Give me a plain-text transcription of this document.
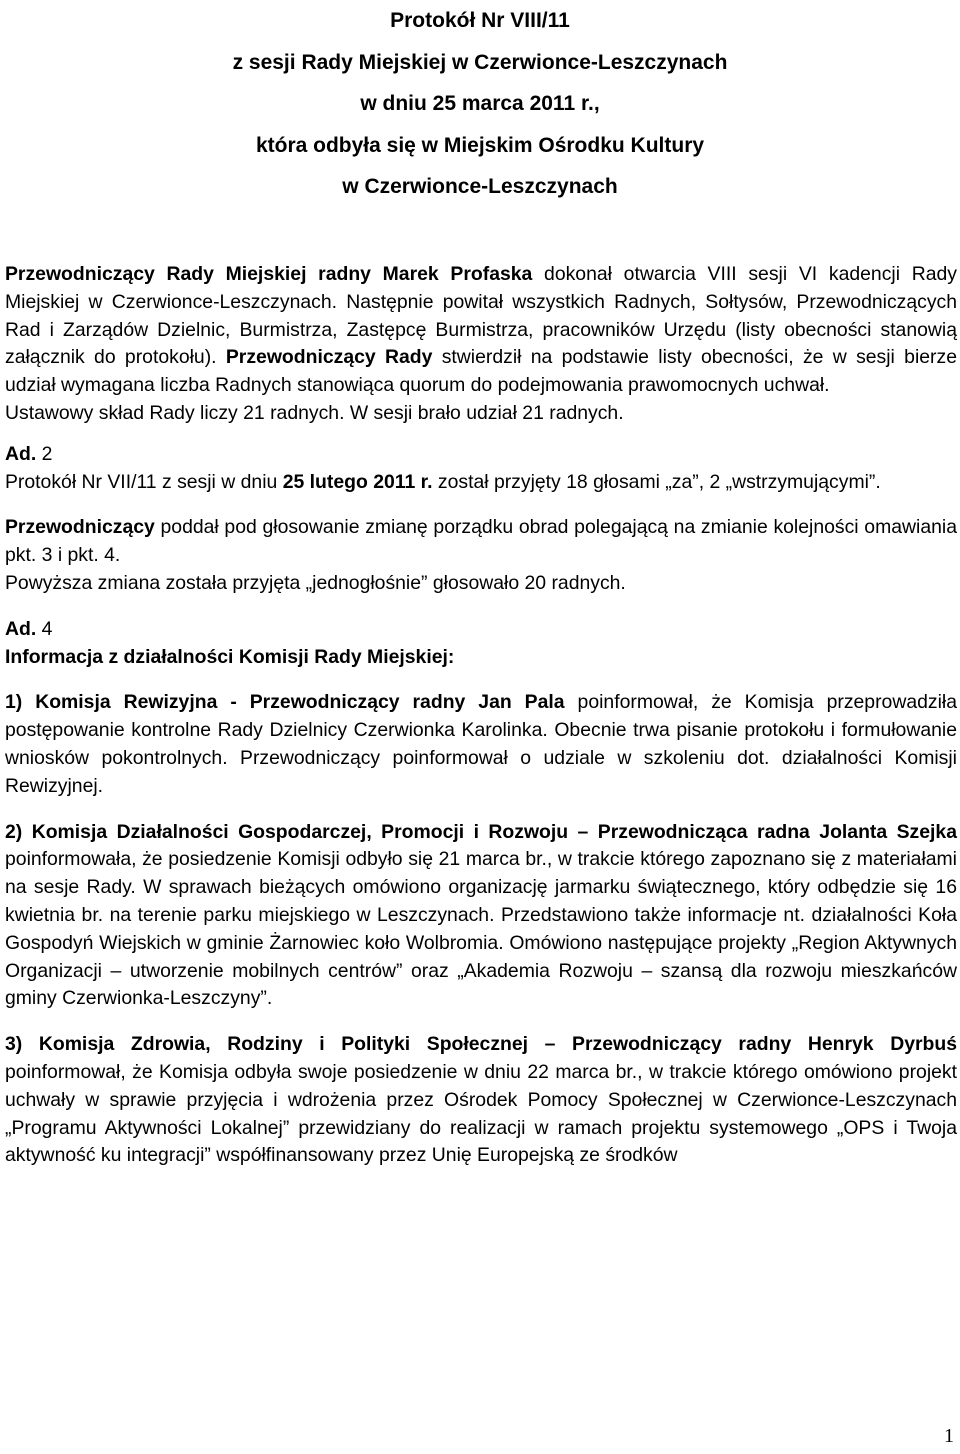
Protokół Nr VIII/11
z sesji Rady Miejskiej w Czerwionce-Leszczynach
w dniu 25 marca 2011 r.,
która odbyła się w Miejskim Ośrodku Kultury
w Czerwionce-Leszczynach

Przewodniczący Rady Miejskiej radny Marek Profaska dokonał otwarcia VIII sesji VI kadencji Rady Miejskiej w Czerwionce-Leszczynach. Następnie powitał wszystkich Radnych, Sołtysów, Przewodniczących Rad i Zarządów Dzielnic, Burmistrza, Zastępcę Burmistrza, pracowników Urzędu (listy obecności stanowią załącznik do protokołu). Przewodniczący Rady stwierdził na podstawie listy obecności, że w sesji bierze udział wymagana liczba Radnych stanowiąca quorum do podejmowania prawomocnych uchwał.

Ustawowy skład Rady liczy 21 radnych. W sesji brało udział 21 radnych.

Ad. 2

Protokół Nr VII/11 z sesji w dniu 25 lutego 2011 r. został przyjęty 18 głosami „za”, 2 „wstrzymującymi”.

Przewodniczący poddał pod głosowanie zmianę porządku obrad polegającą na zmianie kolejności omawiania pkt. 3 i pkt. 4.

Powyższa zmiana została przyjęta „jednogłośnie” głosowało 20 radnych.

Ad. 4

Informacja z działalności Komisji Rady Miejskiej:

1) Komisja Rewizyjna - Przewodniczący radny Jan Pala poinformował, że Komisja przeprowadziła postępowanie kontrolne Rady Dzielnicy Czerwionka Karolinka. Obecnie trwa pisanie protokołu i formułowanie wniosków pokontrolnych. Przewodniczący poinformował o udziale w szkoleniu dot. działalności Komisji Rewizyjnej.

2) Komisja Działalności Gospodarczej, Promocji i Rozwoju – Przewodnicząca radna Jolanta Szejka poinformowała, że posiedzenie Komisji odbyło się 21 marca br., w trakcie którego zapoznano się z materiałami na sesje Rady. W sprawach bieżących omówiono organizację jarmarku świątecznego, który odbędzie się 16 kwietnia br. na terenie parku miejskiego w Leszczynach. Przedstawiono także informacje nt. działalności Koła Gospodyń Wiejskich w gminie Żarnowiec koło Wolbromia. Omówiono następujące projekty „Region Aktywnych Organizacji – utworzenie mobilnych centrów” oraz „Akademia Rozwoju – szansą dla rozwoju mieszkańców gminy Czerwionka-Leszczyny”.

3) Komisja Zdrowia, Rodziny i Polityki Społecznej – Przewodniczący radny Henryk Dyrbuś poinformował, że Komisja odbyła swoje posiedzenie w dniu 22 marca br., w trakcie którego omówiono projekt uchwały w sprawie przyjęcia i wdrożenia przez Ośrodek Pomocy Społecznej w Czerwionce-Leszczynach „Programu Aktywności Lokalnej” przewidziany do realizacji w ramach projektu systemowego „OPS i Twoja aktywność ku integracji” współfinansowany przez Unię Europejską ze środków

1
